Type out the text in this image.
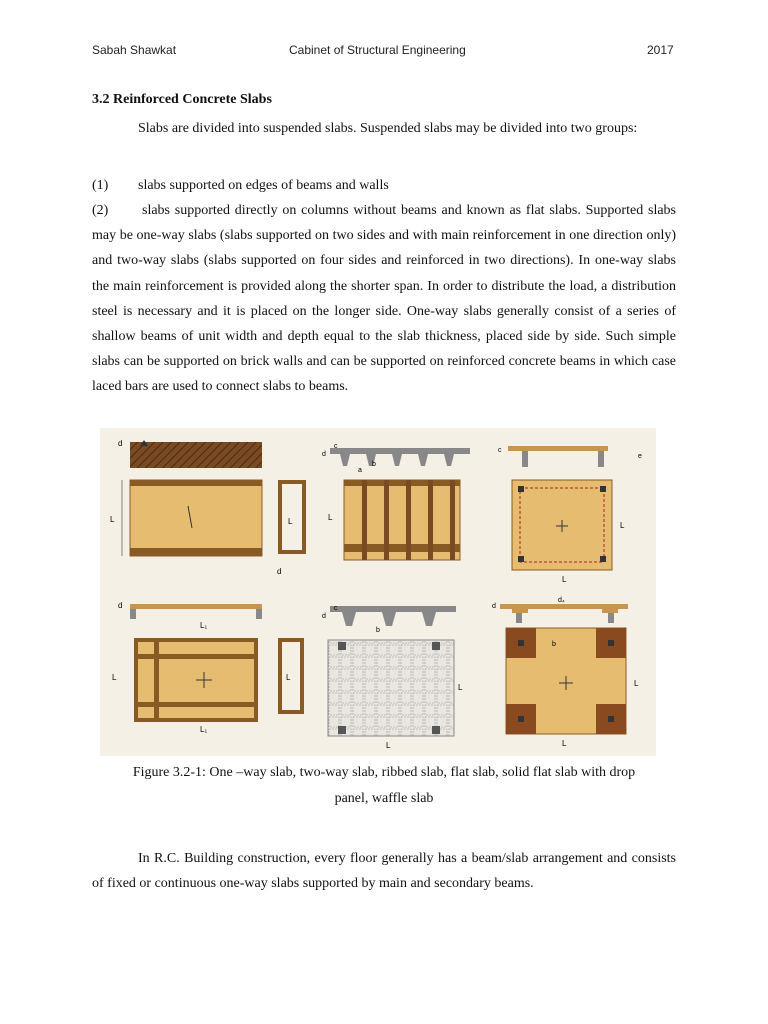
Sabah Shawkat	Cabinet of Structural Engineering	2017
3.2 Reinforced Concrete Slabs

Slabs are divided into suspended slabs. Suspended slabs may be divided into two groups:

(1) slabs supported on edges of beams and walls

(2) slabs supported directly on columns without beams and known as flat slabs. Supported slabs may be one-way slabs (slabs supported on two sides and with main reinforcement in one direction only) and two-way slabs (slabs supported on four sides and reinforced in two directions). In one-way slabs the main reinforcement is provided along the shorter span. In order to distribute the load, a distribution steel is necessary and it is placed on the longer side. One-way slabs generally consist of a series of shallow beams of unit width and depth equal to the slab thickness, placed side by side. Such simple slabs can be supported on brick walls and can be supported on reinforced concrete beams in which case laced bars are used to connect slabs to beams.

d
L	L
d
d
c
b
a
L
c
e
L
L
d
L₁
L
L₁
L
d
c
b
L
L
d
d₄
b
L
L
Figure 3.2-1: One –way slab, two-way slab, ribbed slab, flat slab, solid flat slab with drop
panel, waffle slab

In R.C. Building construction, every floor generally has a beam/slab arrangement and consists of fixed or continuous one-way slabs supported by main and secondary beams.
